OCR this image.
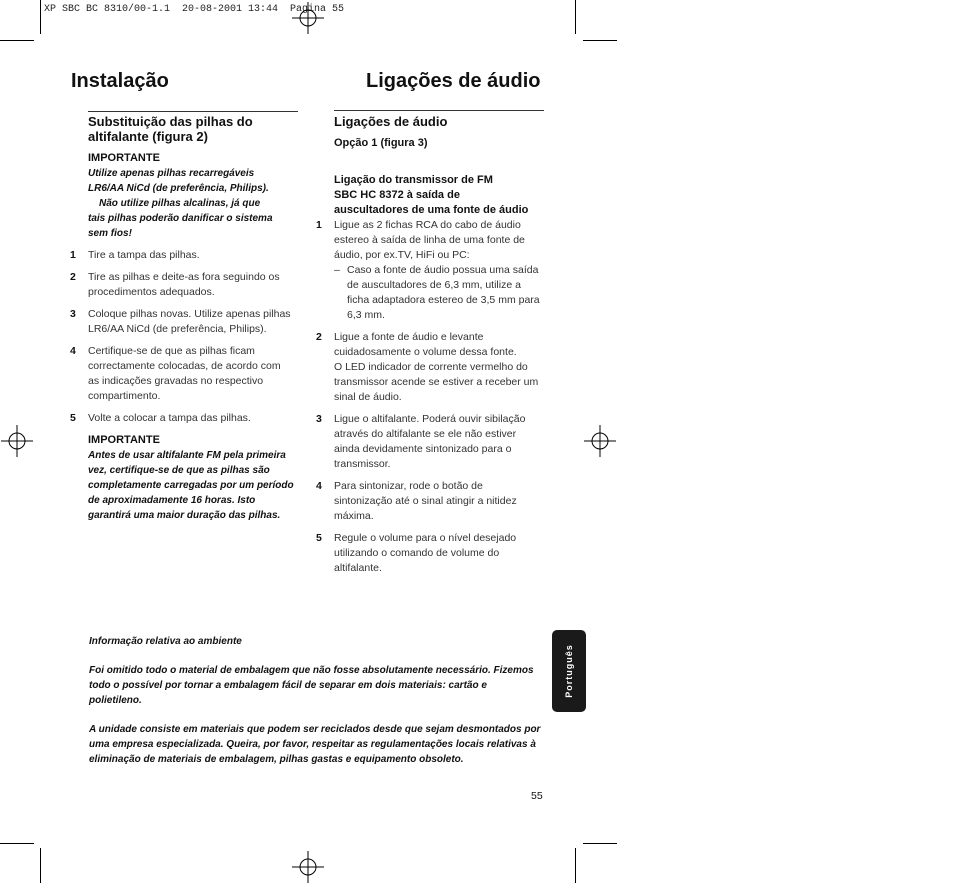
XP SBC BC 8310/00-1.1  20-08-2001 13:44  Pagina 55
Instalação	Ligações de áudio
Substituição das pilhas do altifalante (figura 2)
IMPORTANTE
Utilize apenas pilhas recarregáveis
LR6/AA NiCd (de preferência, Philips).
Não utilize pilhas alcalinas, já que
tais pilhas poderão danificar o sistema
sem fios!
1 Tire a tampa das pilhas.
2 Tire as pilhas e deite-as fora seguindo os procedimentos adequados.
3 Coloque pilhas novas. Utilize apenas pilhas LR6/AA NiCd (de preferência, Philips).
4 Certifique-se de que as pilhas ficam correctamente colocadas, de acordo com as indicações gravadas no respectivo compartimento.
5 Volte a colocar a tampa das pilhas.
IMPORTANTE
Antes de usar altifalante FM pela primeira vez, certifique-se de que as pilhas são completamente carregadas por um período de aproximadamente 16 horas. Isto garantirá uma maior duração das pilhas.
Ligações de áudio
Opção 1 (figura 3)
Ligação do transmissor de FM
SBC HC 8372 à saída de
auscultadores de uma fonte de áudio
1 Ligue as 2 fichas RCA do cabo de áudio estereo à saída de linha de uma fonte de áudio, por ex.TV, HiFi ou PC:
– Caso a fonte de áudio possua uma saída de auscultadores de 6,3 mm, utilize a ficha adaptadora estereo de 3,5 mm para 6,3 mm.
2 Ligue a fonte de áudio e levante cuidadosamente o volume dessa fonte.
O LED indicador de corrente vermelho do transmissor acende se estiver a receber um sinal de áudio.
3 Ligue o altifalante. Poderá ouvir sibilação através do altifalante se ele não estiver ainda devidamente sintonizado para o transmissor.
4 Para sintonizar, rode o botão de sintonização até o sinal atingir a nitidez máxima.
5 Regule o volume para o nível desejado utilizando o comando de volume do altifalante.

Informação relativa ao ambiente

Foi omitido todo o material de embalagem que não fosse absolutamente necessário. Fizemos todo o possível por tornar a embalagem fácil de separar em dois materiais: cartão e polietileno.

A unidade consiste em materiais que podem ser reciclados desde que sejam desmontados por uma empresa especializada. Queira, por favor, respeitar as regulamentações locais relativas à eliminação de materiais de embalagem, pilhas gastas e equipamento obsoleto.

Português
55
